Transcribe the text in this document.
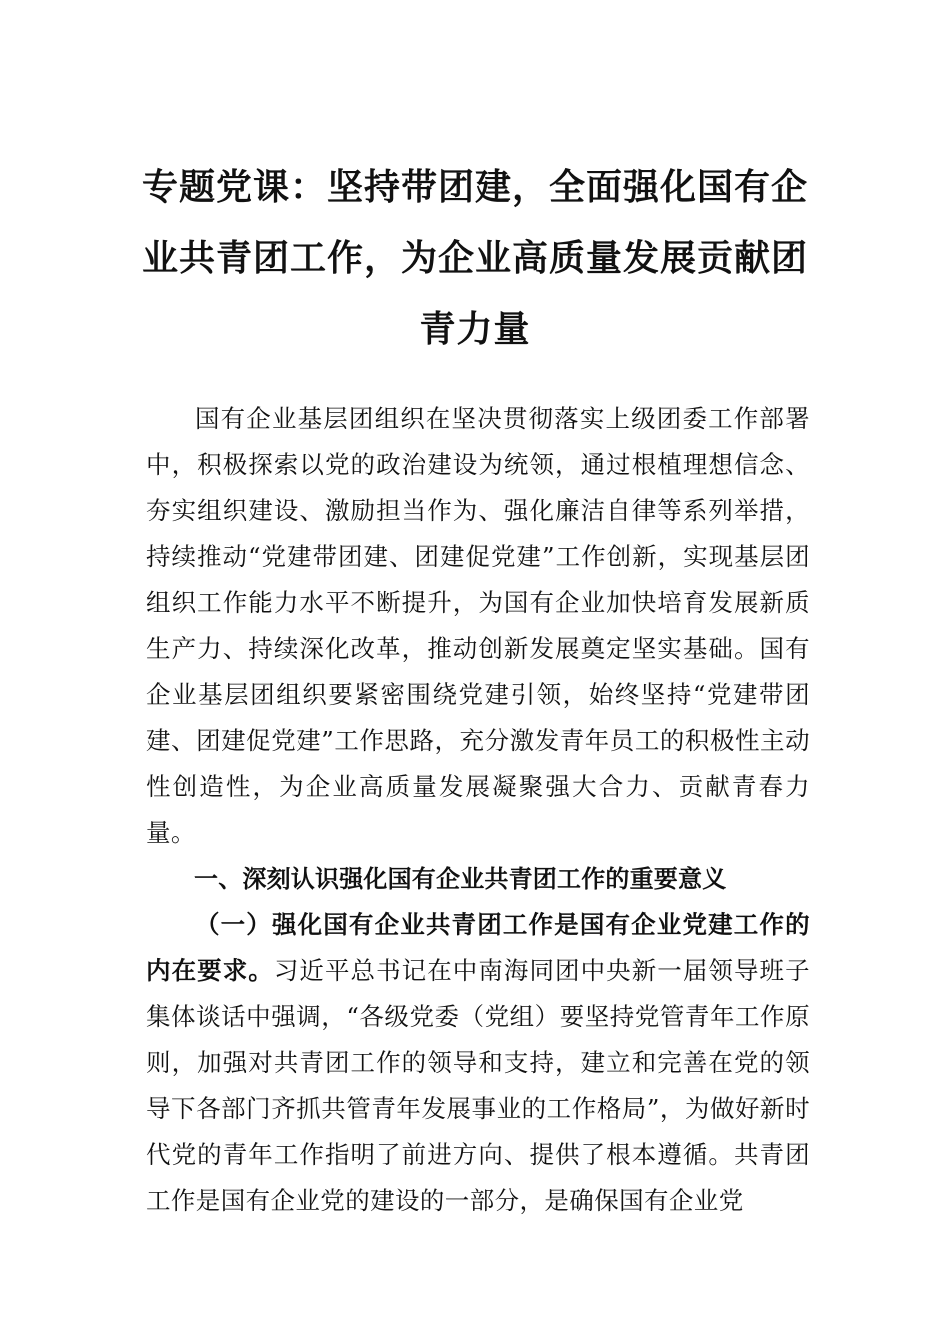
专题党课：坚持带团建，全面强化国有企
业共青团工作，为企业高质量发展贡献团
青力量

国有企业基层团组织在坚决贯彻落实上级团委工作部署中，积极探索以党的政治建设为统领，通过根植理想信念、夯实组织建设、激励担当作为、强化廉洁自律等系列举措，持续推动“党建带团建、团建促党建”工作创新，实现基层团组织工作能力水平不断提升，为国有企业加快培育发展新质生产力、持续深化改革，推动创新发展奠定坚实基础。国有企业基层团组织要紧密围绕党建引领，始终坚持“党建带团建、团建促党建”工作思路，充分激发青年员工的积极性主动性创造性，为企业高质量发展凝聚强大合力、贡献青春力量。

一、深刻认识强化国有企业共青团工作的重要意义

（一）强化国有企业共青团工作是国有企业党建工作的内在要求。习近平总书记在中南海同团中央新一届领导班子集体谈话中强调，“各级党委（党组）要坚持党管青年工作原则，加强对共青团工作的领导和支持，建立和完善在党的领导下各部门齐抓共管青年发展事业的工作格局”，为做好新时代党的青年工作指明了前进方向、提供了根本遵循。共青团工作是国有企业党的建设的一部分，是确保国有企业党
